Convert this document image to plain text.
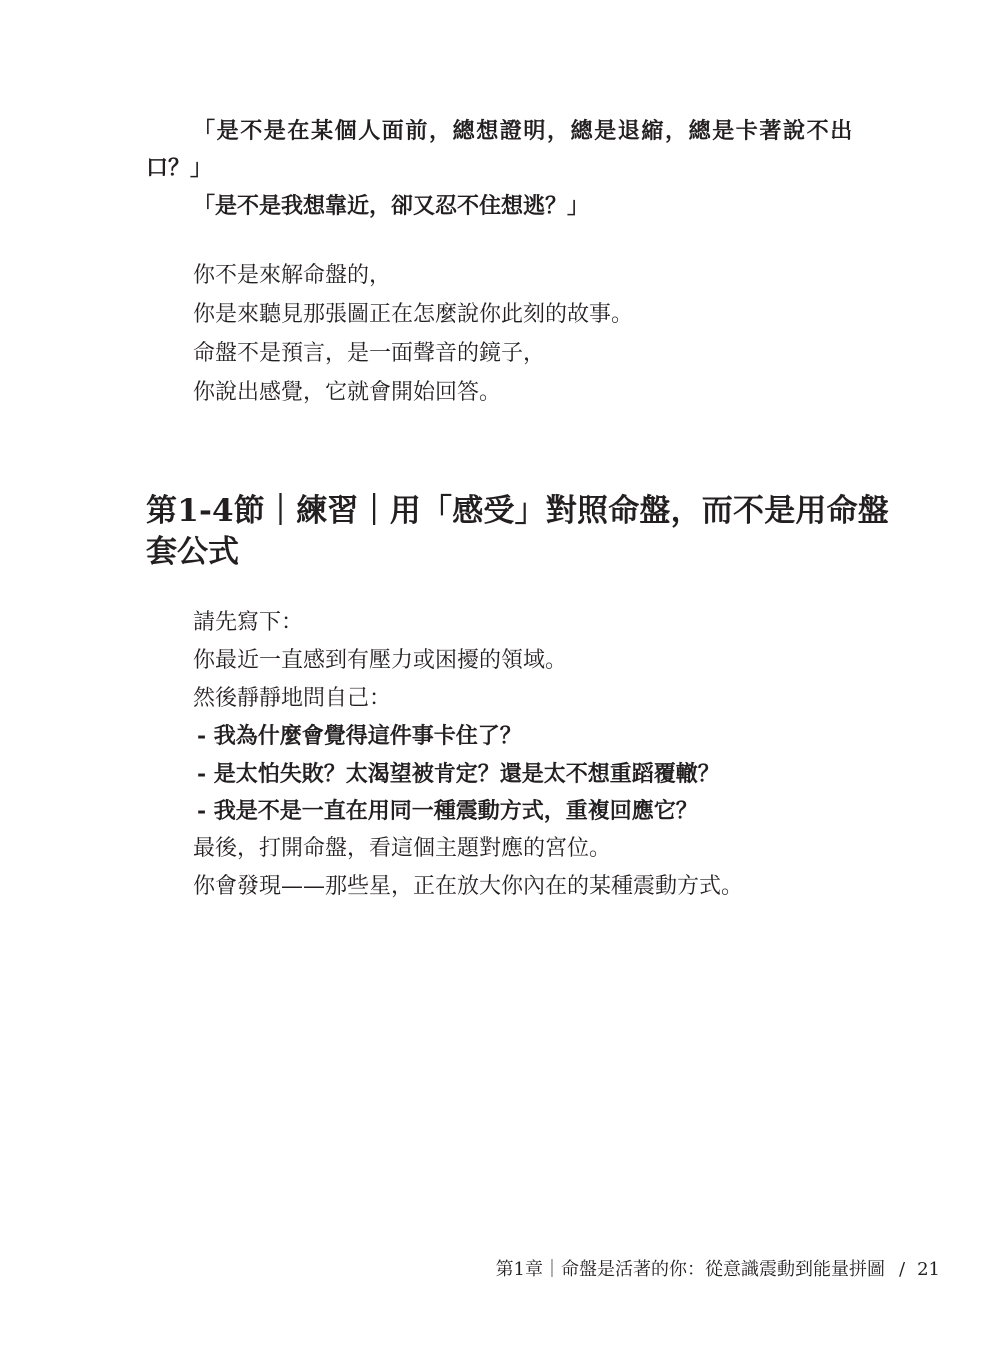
「是不是在某個人面前，總想證明，總是退縮，總是卡著說不出
口？」
「是不是我想靠近，卻又忍不住想逃？」
你不是來解命盤的，
你是來聽見那張圖正在怎麼說你此刻的故事。
命盤不是預言，是一面聲音的鏡子，
你說出感覺，它就會開始回答。
第1-4節｜練習｜用「感受」對照命盤，而不是用命盤
套公式
請先寫下：
你最近一直感到有壓力或困擾的領域。
然後靜靜地問自己：
- 我為什麼會覺得這件事卡住了？
- 是太怕失敗？太渴望被肯定？還是太不想重蹈覆轍？
- 我是不是一直在用同一種震動方式，重複回應它？
最後，打開命盤，看這個主題對應的宮位。
你會發現——那些星，正在放大你內在的某種震動方式。
第1章｜命盤是活著的你：從意識震動到能量拼圖 / 21
